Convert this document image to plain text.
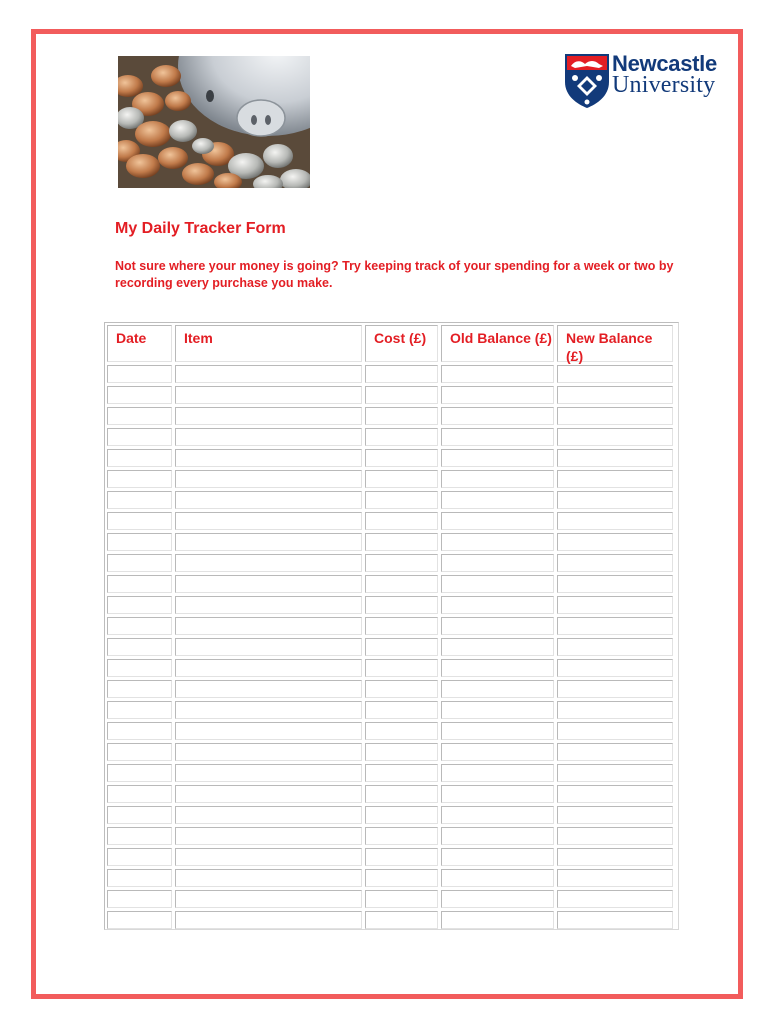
Newcastle
University
My Daily Tracker Form
Not sure where your money is going? Try keeping track of your spending for a week or two by recording every purchase you make.
Date	Item	Cost (£)	Old Balance (£)	New Balance (£)
